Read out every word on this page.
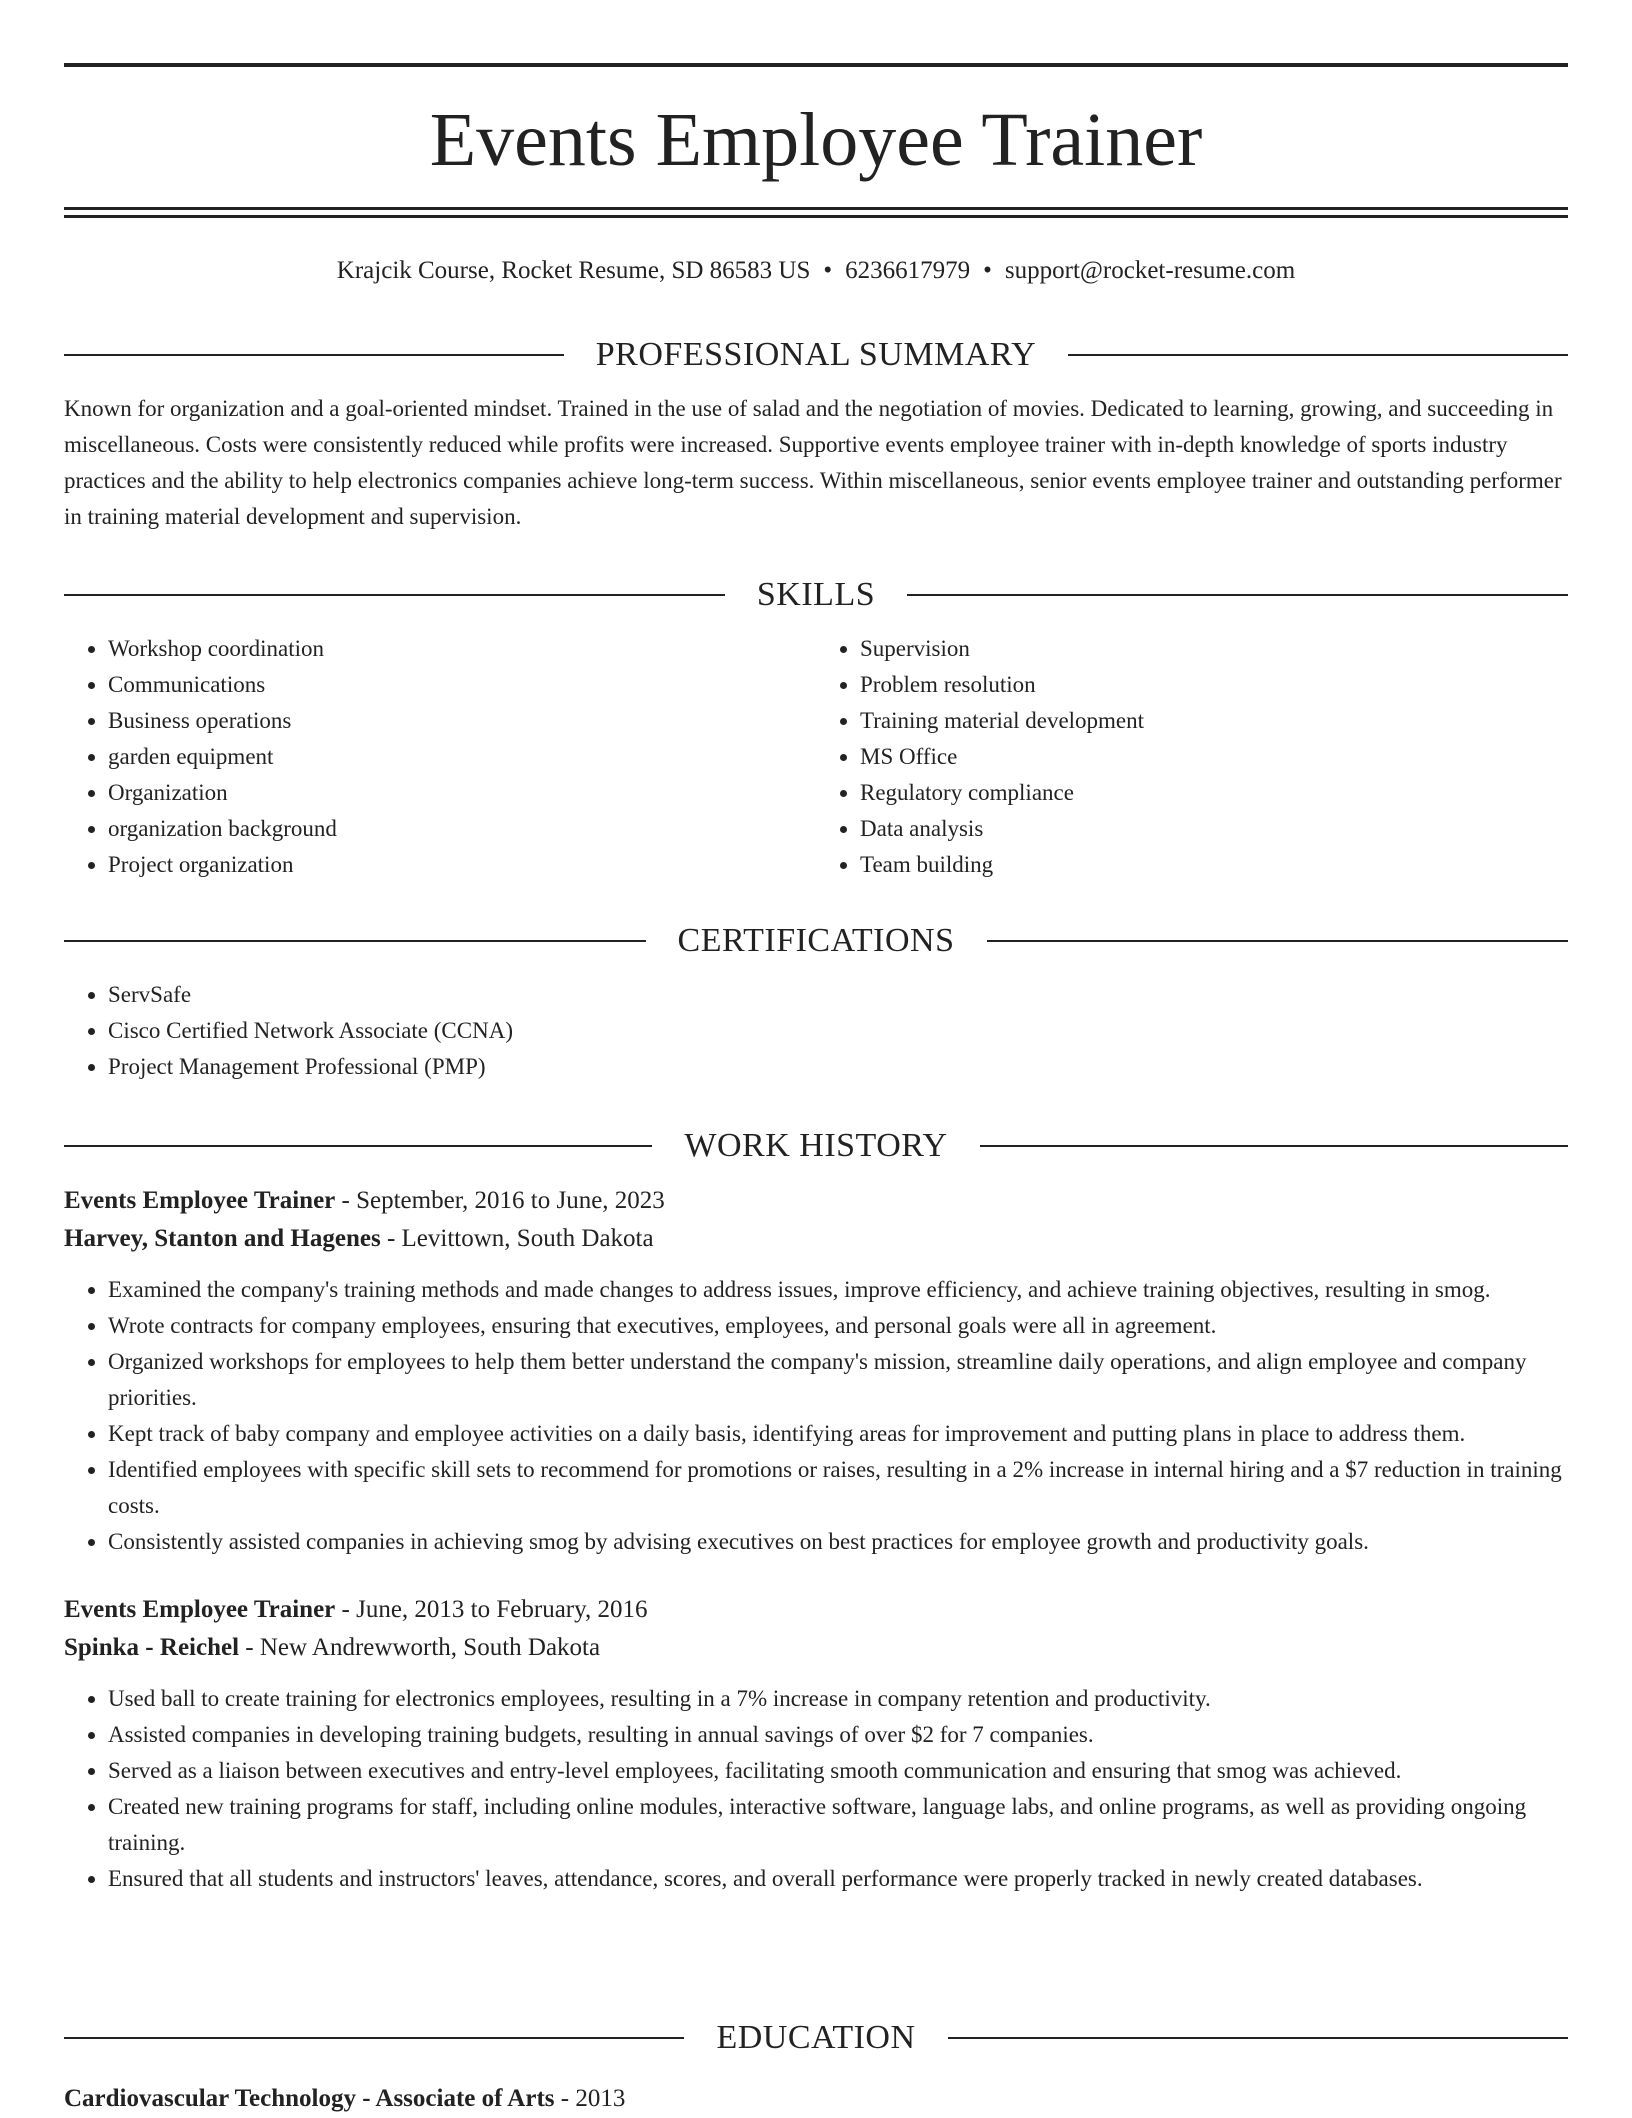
Events Employee Trainer
Krajcik Course, Rocket Resume, SD 86583 US • 6236617979 • support@rocket-resume.com
PROFESSIONAL SUMMARY

Known for organization and a goal-oriented mindset. Trained in the use of salad and the negotiation of movies. Dedicated to learning, growing, and succeeding in miscellaneous. Costs were consistently reduced while profits were increased. Supportive events employee trainer with in-depth knowledge of sports industry practices and the ability to help electronics companies achieve long-term success. Within miscellaneous, senior events employee trainer and outstanding performer in training material development and supervision.

SKILLS
• Workshop coordination
• Communications
• Business operations
• garden equipment
• Organization
• organization background
• Project organization
• Supervision
• Problem resolution
• Training material development
• MS Office
• Regulatory compliance
• Data analysis
• Team building
CERTIFICATIONS
• ServSafe
• Cisco Certified Network Associate (CCNA)
• Project Management Professional (PMP)
WORK HISTORY
Events Employee Trainer - September, 2016 to June, 2023
Harvey, Stanton and Hagenes - Levittown, South Dakota
• Examined the company's training methods and made changes to address issues, improve efficiency, and achieve training objectives, resulting in smog.
• Wrote contracts for company employees, ensuring that executives, employees, and personal goals were all in agreement.
• Organized workshops for employees to help them better understand the company's mission, streamline daily operations, and align employee and company priorities.
• Kept track of baby company and employee activities on a daily basis, identifying areas for improvement and putting plans in place to address them.
• Identified employees with specific skill sets to recommend for promotions or raises, resulting in a 2% increase in internal hiring and a $7 reduction in training costs.
• Consistently assisted companies in achieving smog by advising executives on best practices for employee growth and productivity goals.
Events Employee Trainer - June, 2013 to February, 2016
Spinka - Reichel - New Andrewworth, South Dakota
• Used ball to create training for electronics employees, resulting in a 7% increase in company retention and productivity.
• Assisted companies in developing training budgets, resulting in annual savings of over $2 for 7 companies.
• Served as a liaison between executives and entry-level employees, facilitating smooth communication and ensuring that smog was achieved.
• Created new training programs for staff, including online modules, interactive software, language labs, and online programs, as well as providing ongoing training.
• Ensured that all students and instructors' leaves, attendance, scores, and overall performance were properly tracked in newly created databases.
EDUCATION
Cardiovascular Technology - Associate of Arts - 2013
